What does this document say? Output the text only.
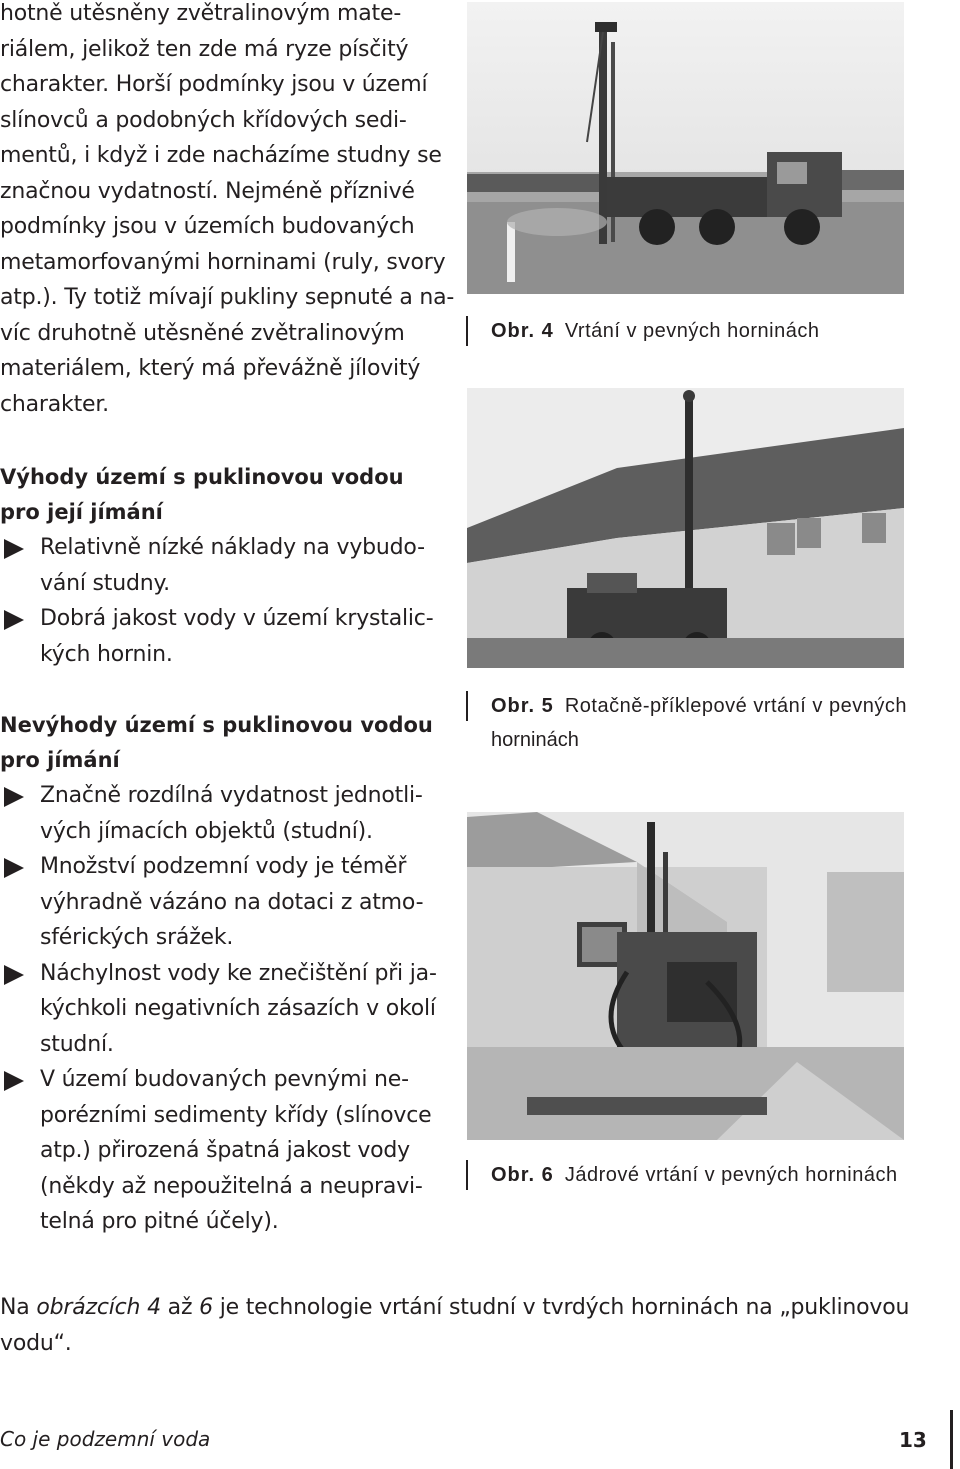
hotně utěsněny zvětralinovým mate-
riálem, jelikož ten zde má ryze písčitý
charakter. Horší podmínky jsou v území
slínovců a podobných křídových sedi-
mentů, i když i zde nacházíme studny se
značnou vydatností. Nejméně příznivé
podmínky jsou v územích budovaných
metamorfovanými horninami (ruly, svory
atp.). Ty totiž mívají pukliny sepnuté a na-
víc druhotně utěsněné zvětralinovým
materiálem, který má převážně jílovitý
charakter.

Výhody území s puklinovou vodou
pro její jímání
Relativně nízké náklady na vybudo-
vání studny.
Dobrá jakost vody v území krystalic-
kých hornin.
Nevýhody území s puklinovou vodou
pro jímání
Značně rozdílná vydatnost jednotli-
vých jímacích objektů (studní).
Množství podzemní vody je téměř
výhradně vázáno na dotaci z atmo-
sférických srážek.
Náchylnost vody ke znečištění při ja-
kýchkoli negativních zásazích v okolí
studní.
V území budovaných pevnými ne-
porézními sedimenty křídy (slínovce
atp.) přirozená špatná jakost vody
(někdy až nepoužitelná a neupravi-
telná pro pitné účely).
Obr. 4 Vrtání v pevných horninách
Obr. 5 Rotačně-příklepové vrtání v pevných
horninách
Obr. 6 Jádrové vrtání v pevných horninách
Na obrázcích 4 až 6 je technologie vrtání studní v tvrdých horninách na „puklinovou
vodu“.
Co je podzemní voda	13
